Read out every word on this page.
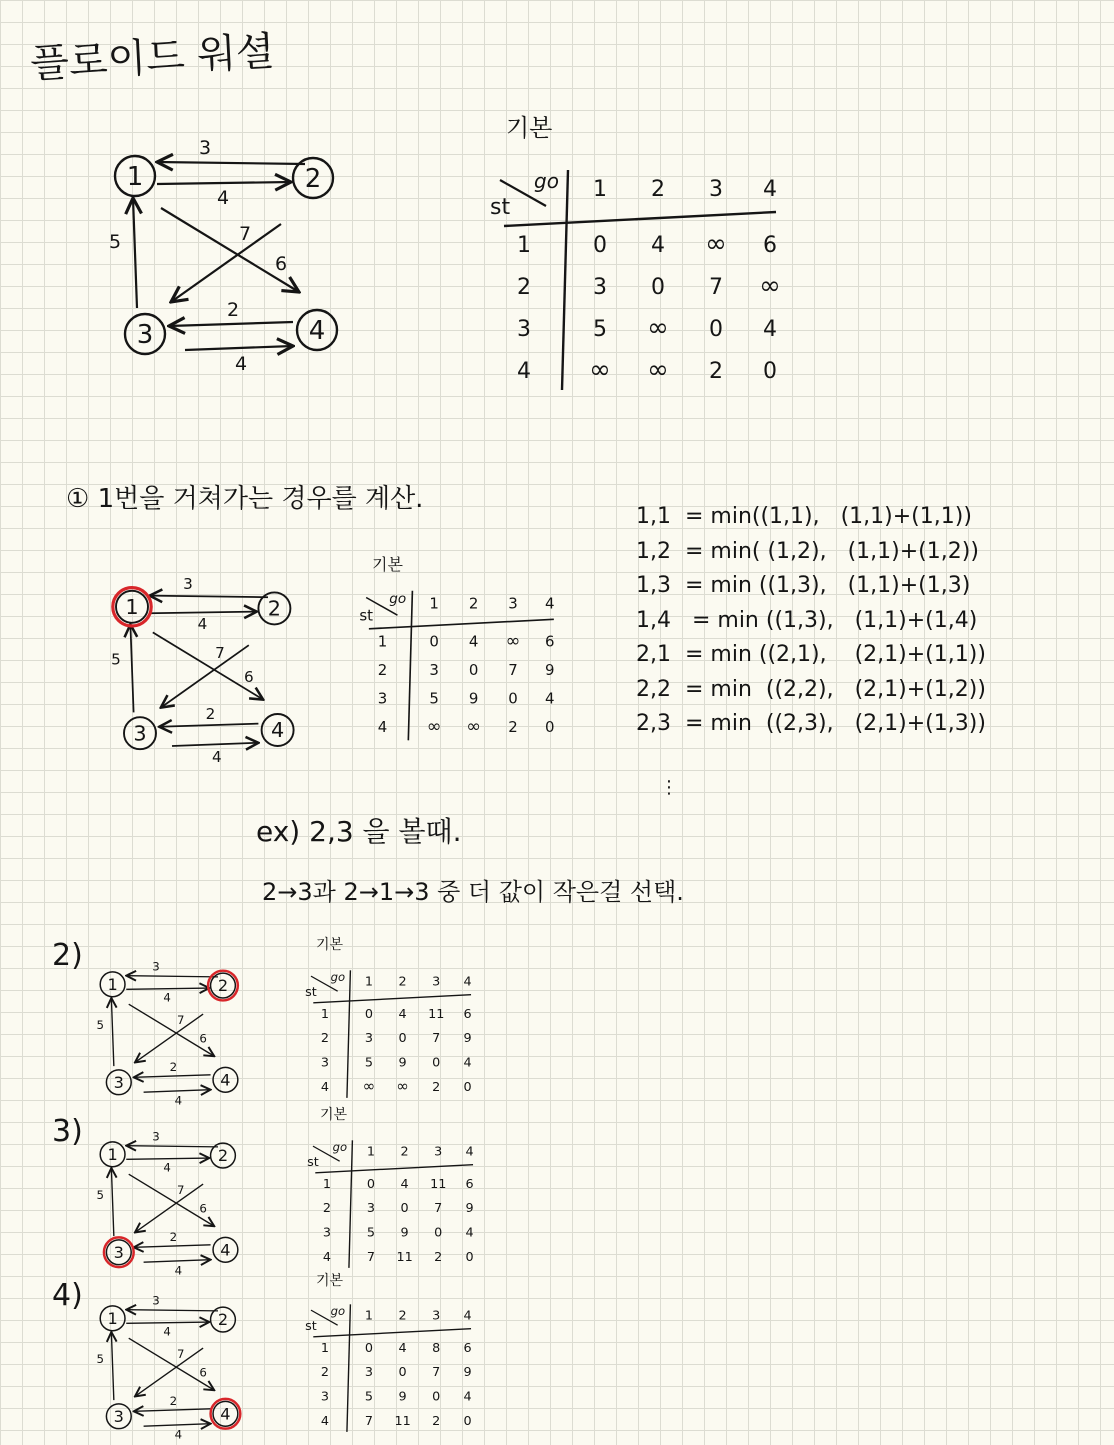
플로이드 워셜
3
4
5	7
6
2
4
1	2
3	4
기본
go
st
1 2 3 4
1	0 4 ∞ 6
2	3 0 7 ∞
3	5 ∞ 0 4
4 ∞ ∞ 2 0
① 1번을 거쳐가는 경우를 계산.
3
4
5	7
6
2
4
1	2
3	4
기본
go
st
1 2 3 4
1 0 4 ∞ 6
2 3 0 7 9
3 5 9 0 4
4 ∞ ∞ 2 0
1,1  = min((1,1),   (1,1)+(1,1))
1,2  = min( (1,2),   (1,1)+(1,2))
1,3  = min ((1,3),   (1,1)+(1,3)
1,4   = min ((1,3),   (1,1)+(1,4)
2,1  = min ((2,1),    (2,1)+(1,1))
2,2  = min  ((2,2),   (2,1)+(1,2))
2,3  = min  ((2,3),   (2,1)+(1,3))
⋮
ex) 2,3 을 볼때.
2→3과 2→1→3 중 더 값이 작은걸 선택.
2)	3
4
5	7
6
2
4
1	2
3	4
기본
go
st
1 2 3 4
1 0 4 11 6
2 3 0 7 9
3 5 9 0 4
4 ∞ ∞ 2 0
3)	3
4
5	7
6
2
4
1	2
3	4
기본
go
st
1 2 3 4
1 0 4 11 6
2 3 0 7 9
3 5 9 0 4
4 7 11 2 0
4)	3
4
5	7
6
2
4
1	2
3	4
기본
go
st
1 2 3 4
1 0 4 8 6
2 3 0 7 9
3 5 9 0 4
4 7 11 2 0
